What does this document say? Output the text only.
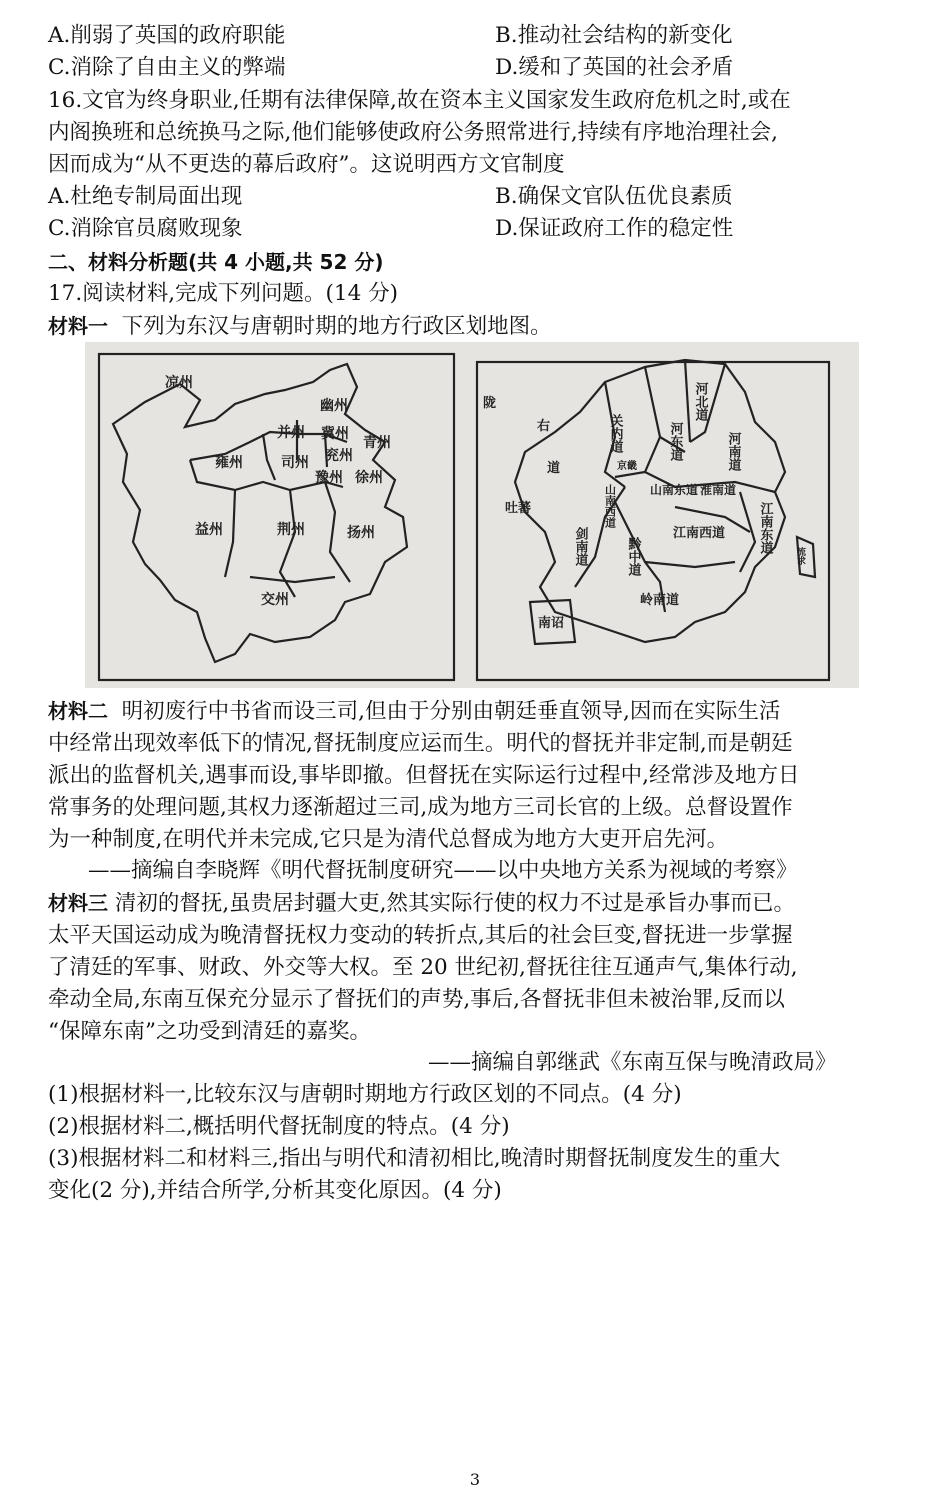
A.削弱了英国的政府职能	B.推动社会结构的新变化
C.消除了自由主义的弊端	D.缓和了英国的社会矛盾
16.文官为终身职业,任期有法律保障,故在资本主义国家发生政府危机之时,或在
内阁换班和总统换马之际,他们能够使政府公务照常进行,持续有序地治理社会,
因而成为“从不更迭的幕后政府”。这说明西方文官制度
A.杜绝专制局面出现	B.确保文官队伍优良素质
C.消除官员腐败现象	D.保证政府工作的稳定性
二、材料分析题(共 4 小题,共 52 分)
17.阅读材料,完成下列问题。(14 分)
材料一 下列为东汉与唐朝时期的地方行政区划地图。
凉州
幽州
并州 冀州
青州
雍州	司州 兖州
豫州 徐州
益州	荆州	扬州
交州
陇
右
道
关内道	河东道
河北道
河南道
吐蕃
京畿
山南西道	山南东道 淮南道
剑南道	黔中道
江南西道 江南东道
岭南道
南诏
流求
材料二 明初废行中书省而设三司,但由于分别由朝廷垂直领导,因而在实际生活
中经常出现效率低下的情况,督抚制度应运而生。明代的督抚并非定制,而是朝廷
派出的监督机关,遇事而设,事毕即撤。但督抚在实际运行过程中,经常涉及地方日
常事务的处理问题,其权力逐渐超过三司,成为地方三司长官的上级。总督设置作
为一种制度,在明代并未完成,它只是为清代总督成为地方大吏开启先河。
——摘编自李晓辉《明代督抚制度研究——以中央地方关系为视域的考察》
材料三 清初的督抚,虽贵居封疆大吏,然其实际行使的权力不过是承旨办事而已。
太平天国运动成为晚清督抚权力变动的转折点,其后的社会巨变,督抚进一步掌握
了清廷的军事、财政、外交等大权。至 20 世纪初,督抚往往互通声气,集体行动,
牵动全局,东南互保充分显示了督抚们的声势,事后,各督抚非但未被治罪,反而以
“保障东南”之功受到清廷的嘉奖。
——摘编自郭继武《东南互保与晚清政局》
(1)根据材料一,比较东汉与唐朝时期地方行政区划的不同点。(4 分)
(2)根据材料二,概括明代督抚制度的特点。(4 分)
(3)根据材料二和材料三,指出与明代和清初相比,晚清时期督抚制度发生的重大
变化(2 分),并结合所学,分析其变化原因。(4 分)
3
